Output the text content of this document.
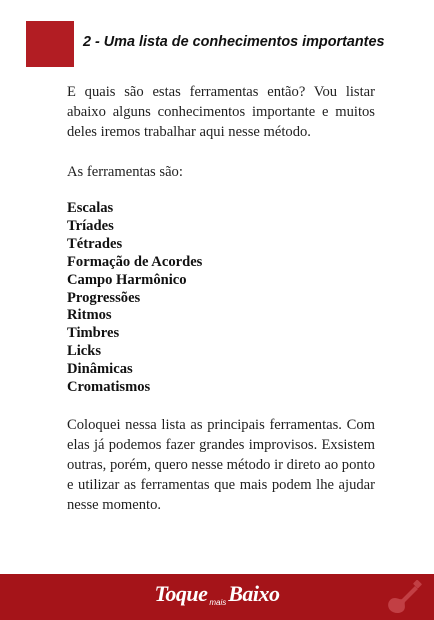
2 - Uma lista de conhecimentos importantes

E quais são estas ferramentas então? Vou listar abaixo alguns conhecimentos importante e muitos deles iremos trabalhar aqui nesse método.

As ferramentas são:

Escalas
Tríades
Tétrades
Formação de Acordes
Campo Harmônico
Progressões
Ritmos
Timbres
Licks
Dinâmicas
Cromatismos

Coloquei nessa lista as principais ferramentas. Com elas já podemos fazer grandes improvisos. Exsistem outras, porém, quero nesse método ir direto ao ponto e utilizar as ferramentas que mais podem lhe ajudar nesse momento.

Toque $_{mais}$Baixo
